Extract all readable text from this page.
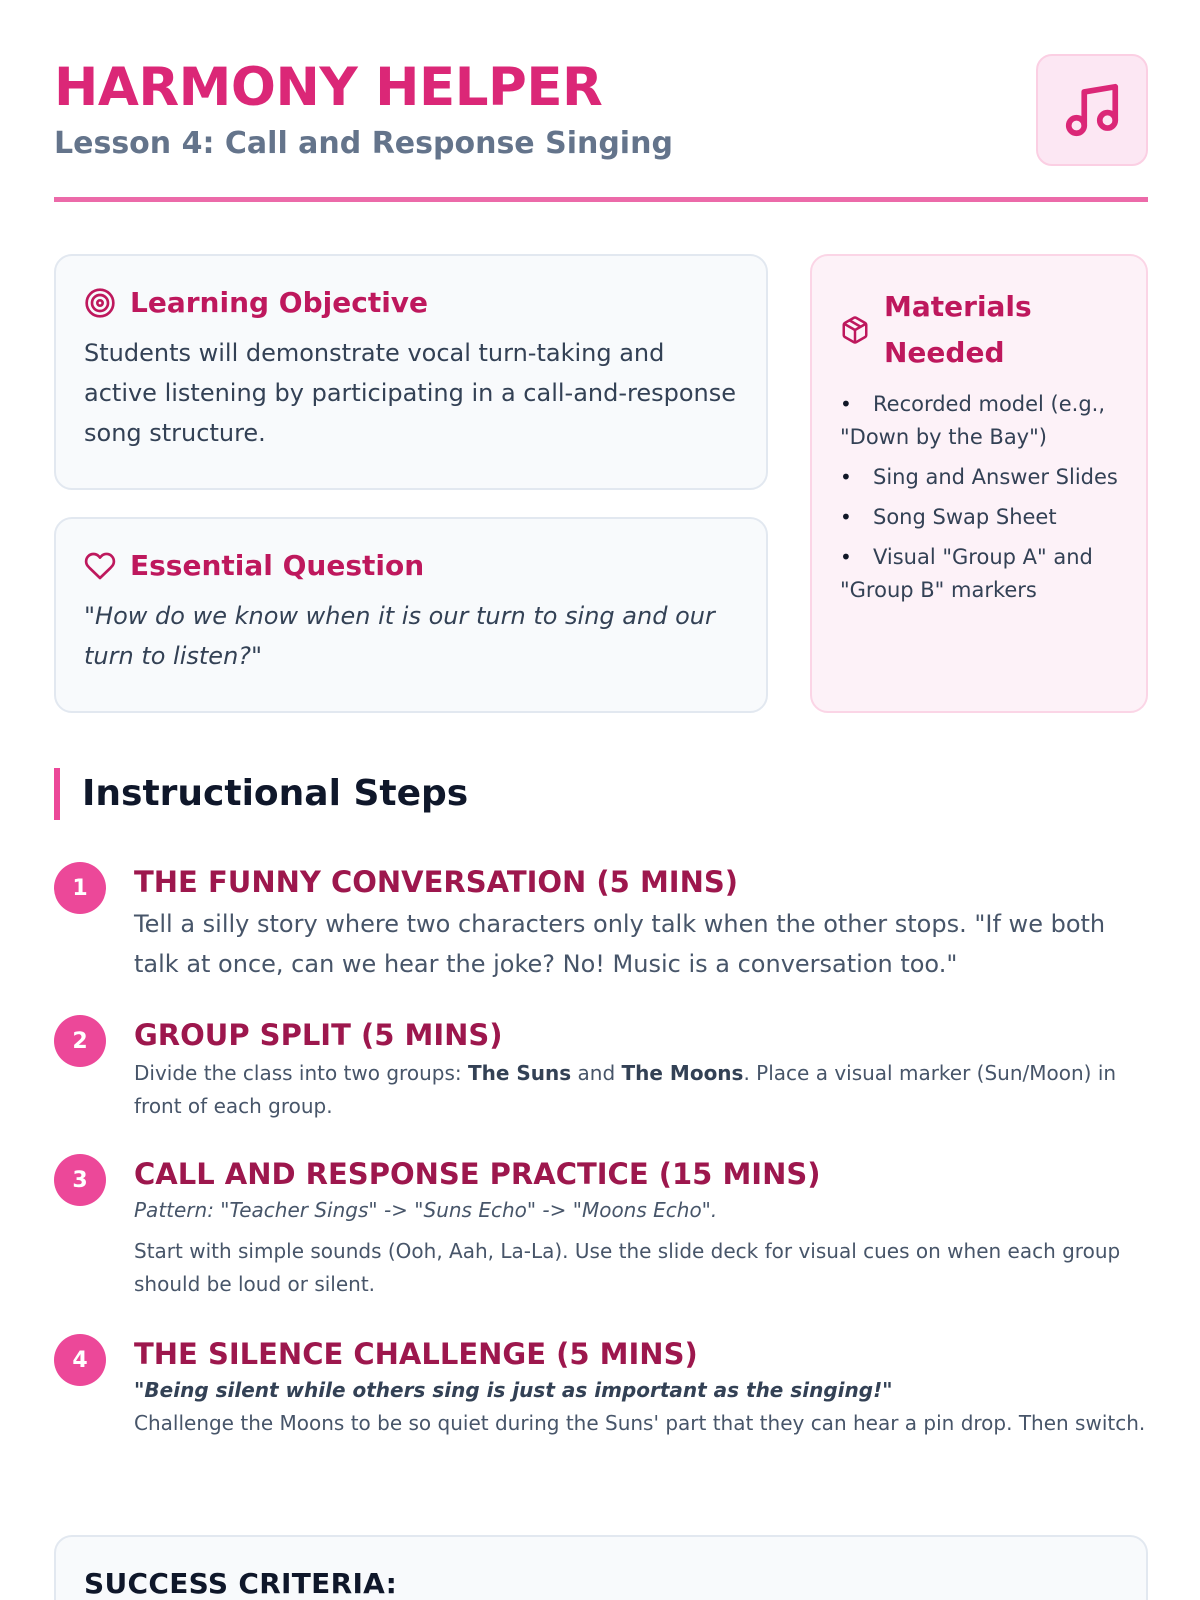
HARMONY HELPER
Lesson 4: Call and Response Singing
Learning Objective
Students will demonstrate vocal turn-taking and active listening by participating in a call-and-response song structure.
Essential Question
"How do we know when it is our turn to sing and our turn to listen?"
Materials Needed
• Recorded model (e.g., "Down by the Bay")
• Sing and Answer Slides
• Song Swap Sheet
• Visual "Group A" and "Group B" markers
Instructional Steps
1	THE FUNNY CONVERSATION (5 MINS)
Tell a silly story where two characters only talk when the other stops. "If we both talk at once, can we hear the joke? No! Music is a conversation too."
2	GROUP SPLIT (5 MINS)
Divide the class into two groups: The Suns and The Moons. Place a visual marker (Sun/Moon) in front of each group.
3	CALL AND RESPONSE PRACTICE (15 MINS)
Pattern: "Teacher Sings" -> "Suns Echo" -> "Moons Echo".
Start with simple sounds (Ooh, Aah, La-La). Use the slide deck for visual cues on when each group should be loud or silent.
4	THE SILENCE CHALLENGE (5 MINS)
"Being silent while others sing is just as important as the singing!"
Challenge the Moons to be so quiet during the Suns' part that they can hear a pin drop. Then switch.
SUCCESS CRITERIA:
